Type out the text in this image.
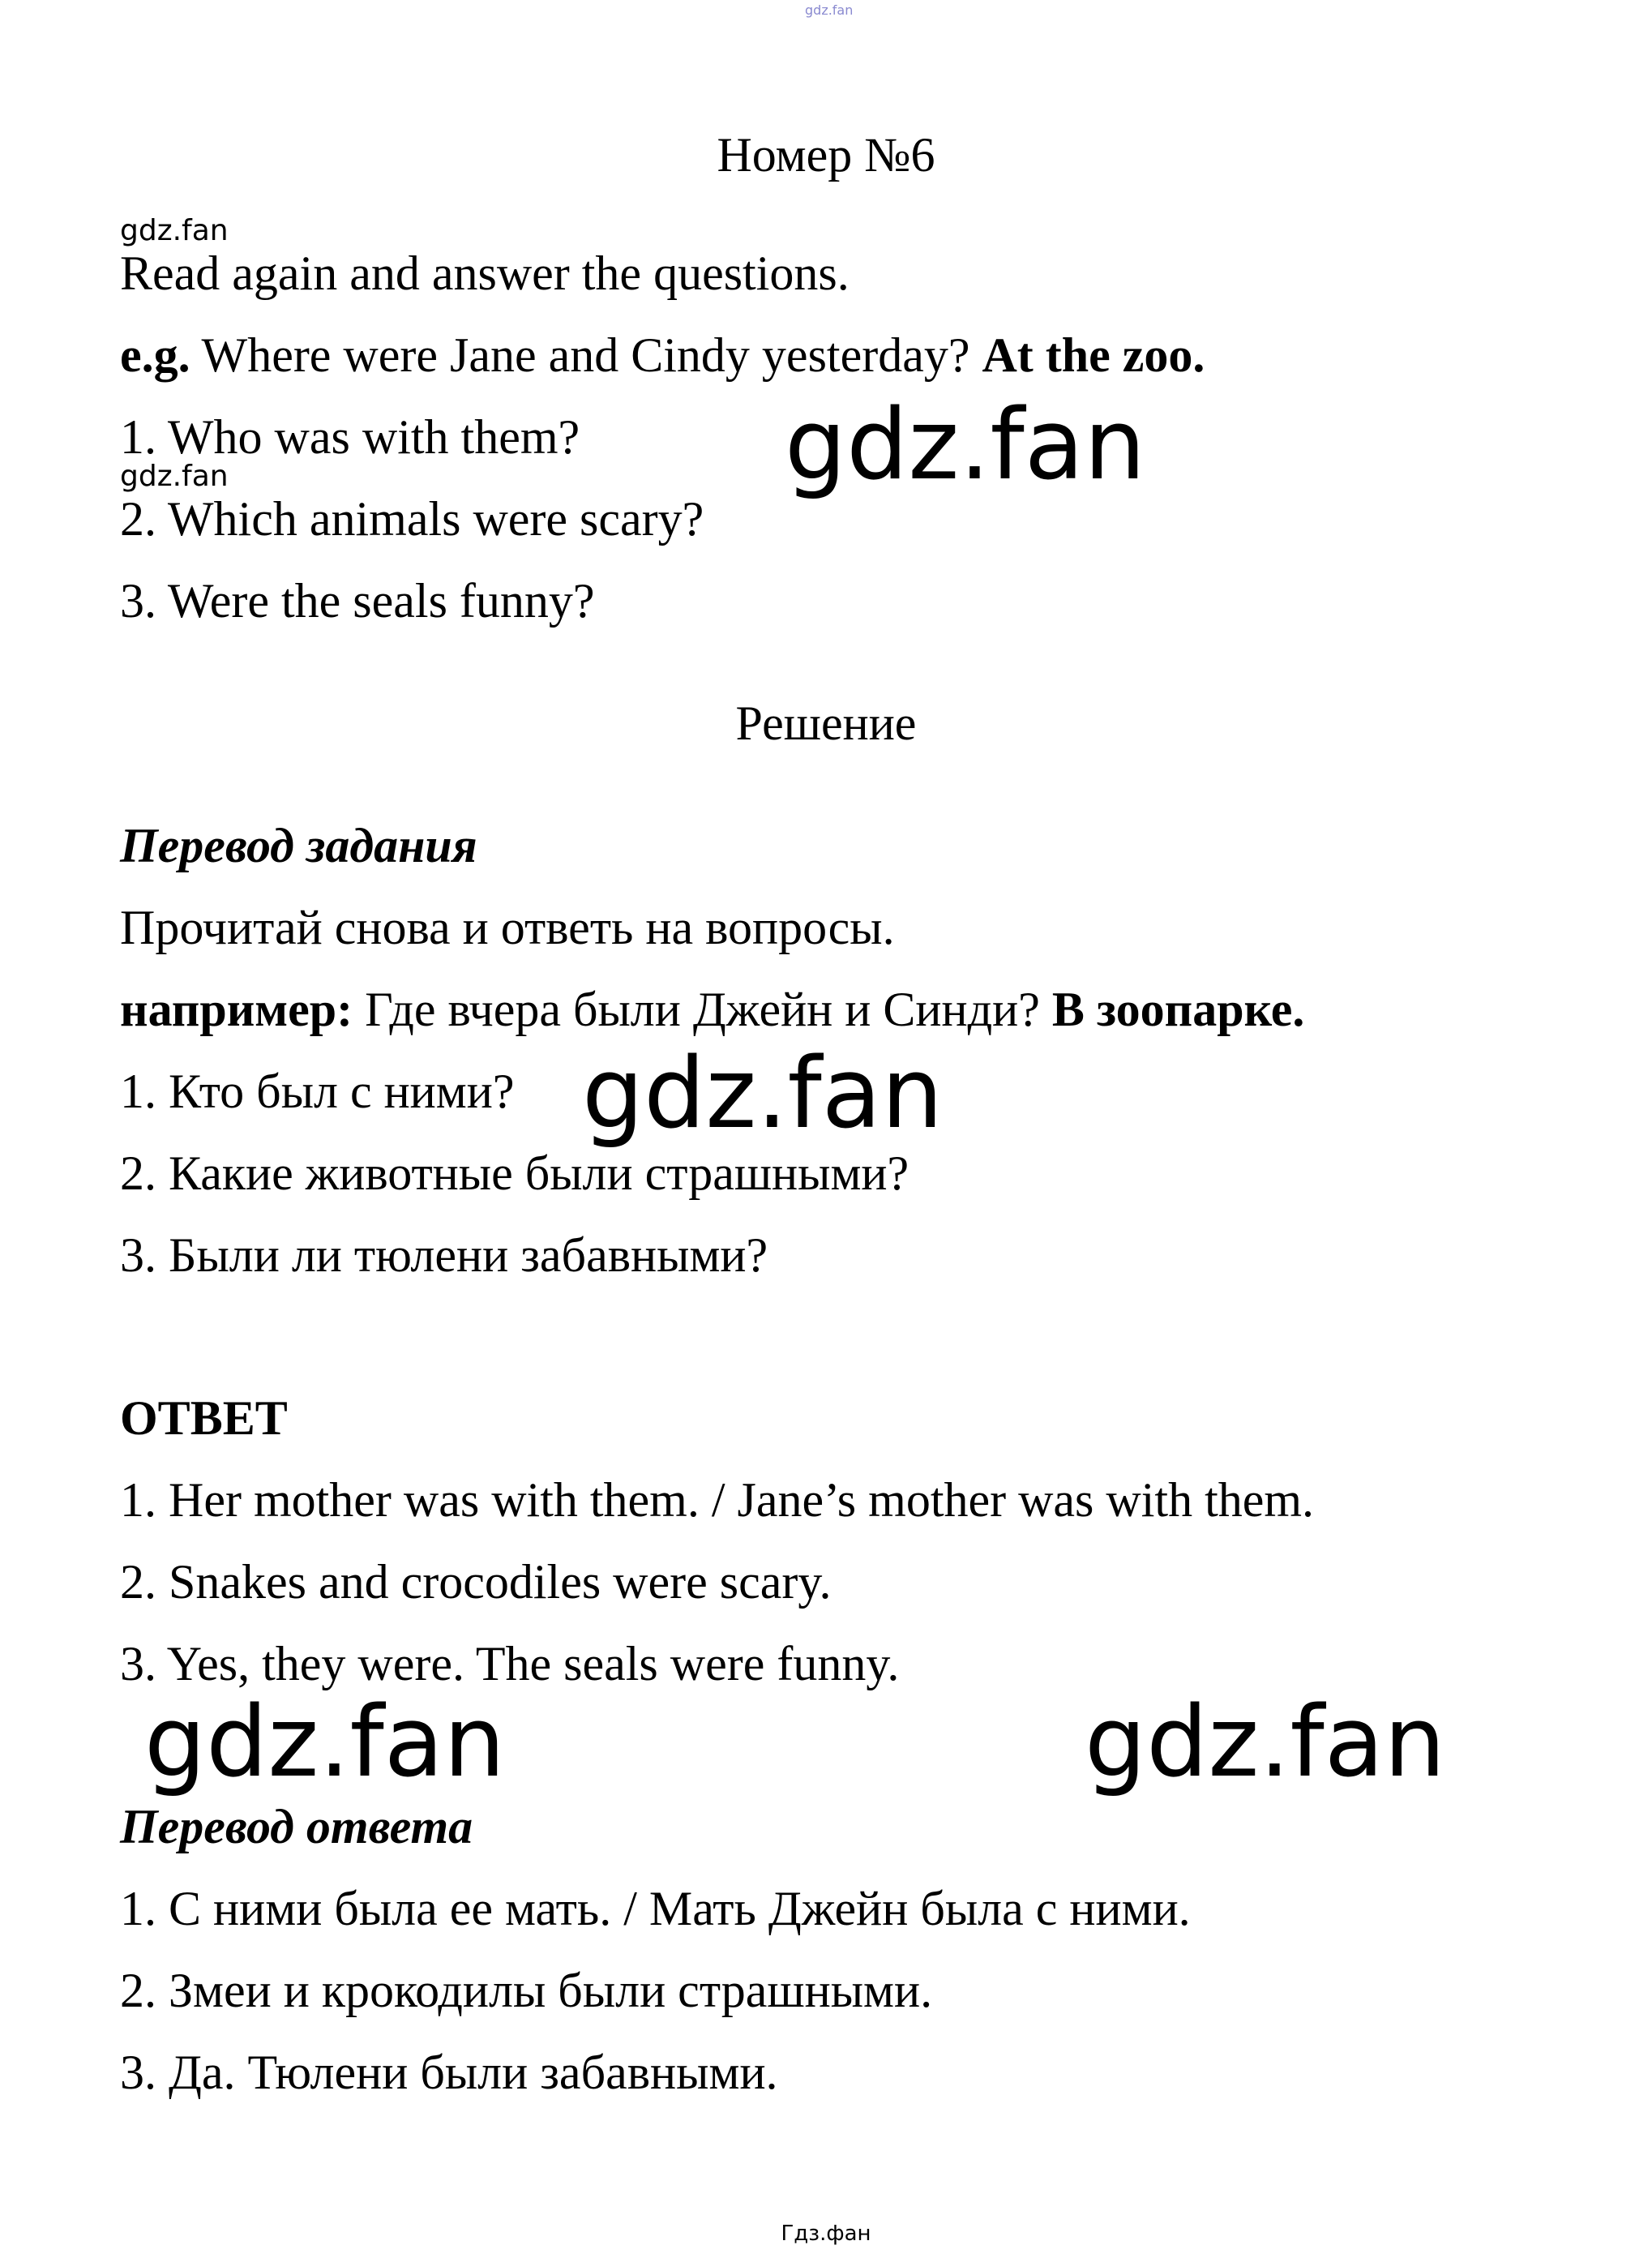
gdz.fan
Номер №6
gdz.fan
Read again and answer the questions.
e.g. Where were Jane and Cindy yesterday? At the zoo.
1. Who was with them?
gdz.fan
2. Which animals were scary?
3. Were the seals funny?
gdz.fan
Решение
Перевод задания
Прочитай снова и ответь на вопросы.
например: Где вчера были Джейн и Синди? В зоопарке.
1. Кто был с ними?
2. Какие животные были страшными?
3. Были ли тюлени забавными?
gdz.fan
ОТВЕТ
1. Her mother was with them. / Jane’s mother was with them.
2. Snakes and crocodiles were scary.
3. Yes, they were. The seals were funny.
gdz.fan	gdz.fan
Перевод ответа
1. С ними была ее мать. / Мать Джейн была с ними.
2. Змеи и крокодилы были страшными.
3. Да. Тюлени были забавными.
Гдз.фан
